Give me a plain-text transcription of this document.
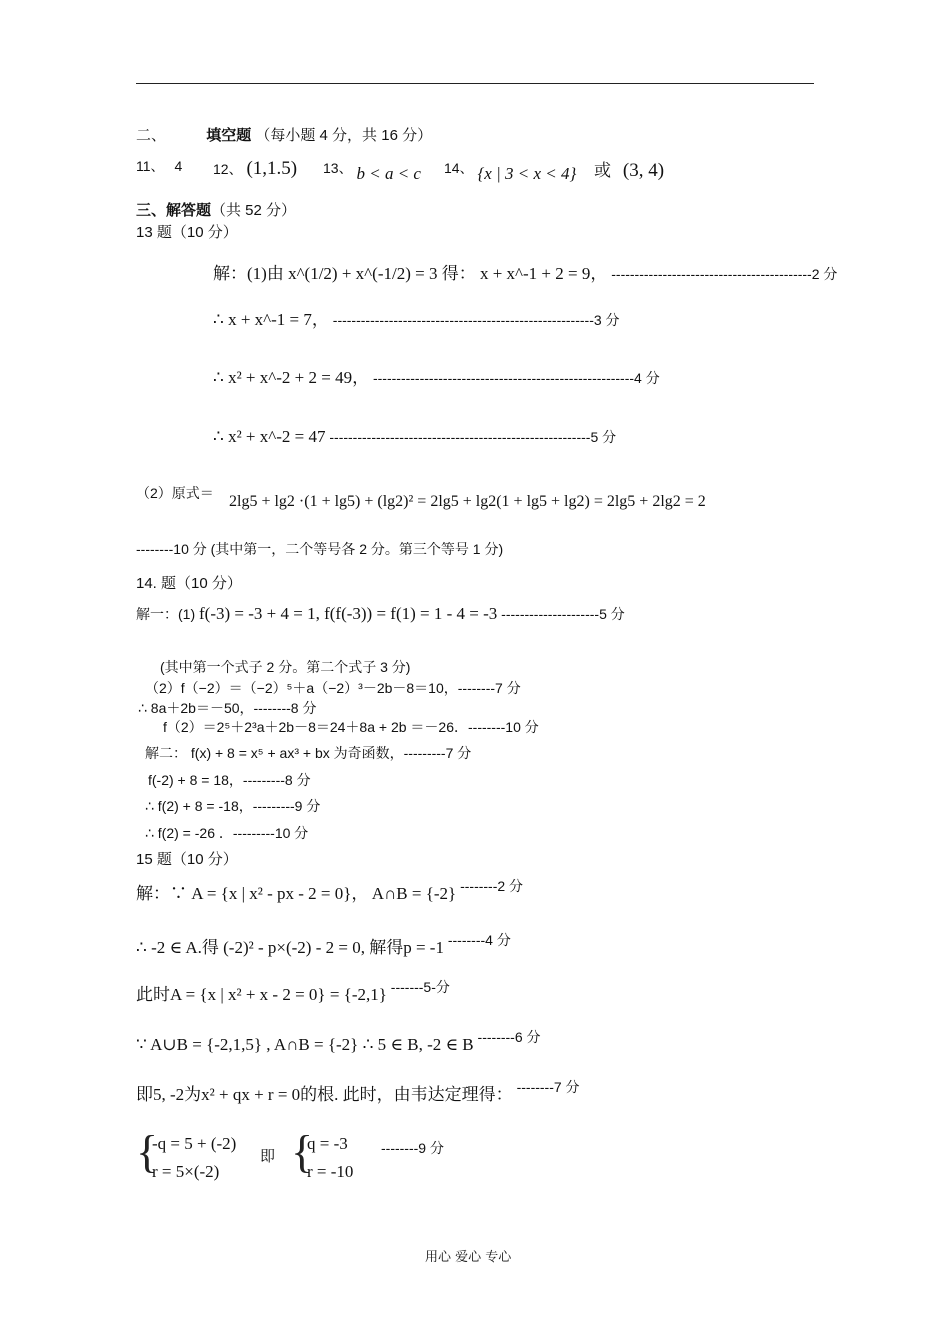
二、	填空题 （每小题 4 分，共 16 分）
11、 4 12、 (1,1.5) 13、 b < a < c 14、 {x | 3 < x < 4} 或 (3, 4)
三、解答题（共 52 分）
13 题（10 分）
解：(1)由 x^(1/2) + x^(-1/2) = 3 得： x + x^-1 + 2 = 9， -------------------------------------------2 分
∴ x + x^-1 = 7， --------------------------------------------------------3 分
∴ x² + x^-2 + 2 = 49， --------------------------------------------------------4 分
∴ x² + x^-2 = 47 --------------------------------------------------------5 分
（2）原式＝ 2lg5 + lg2 ·(1 + lg5) + (lg2)² = 2lg5 + lg2(1 + lg5 + lg2) = 2lg5 + 2lg2 = 2
--------10 分 (其中第一，二个等号各 2 分。第三个等号 1 分)
14. 题（10 分）
解一：(1) f(-3) = -3 + 4 = 1, f(f(-3)) = f(1) = 1 - 4 = -3 ---------------------5 分
(其中第一个式子 2 分。第二个式子 3 分)
（2）f（−2）＝（−2）⁵＋a（−2）³－2b－8＝10，--------7 分
∴ 8a＋2b＝－50，--------8 分
f（2）＝2⁵＋2³a＋2b－8＝24＋8a + 2b ＝－26．--------10 分
解二： f(x) + 8 = x⁵ + ax³ + bx 为奇函数，---------7 分
f(-2) + 8 = 18，---------8 分
∴ f(2) + 8 = -18，---------9 分
∴ f(2) = -26 ．---------10 分
15 题（10 分）
解：∵ A = {x | x² - px - 2 = 0}， A∩B = {-2} --------2 分
∴ -2 ∈ A.得 (-2)² - p×(-2) - 2 = 0, 解得p = -1 --------4 分
此时A = {x | x² + x - 2 = 0} = {-2,1} -------5-分
∵ A∪B = {-2,1,5} , A∩B = {-2} ∴ 5 ∈ B, -2 ∈ B --------6 分
即5, -2为x² + qx + r = 0的根. 此时，由韦达定理得： --------7 分
{
-q = 5 + (-2)
r = 5×(-2)
即 {
q = -3
r = -10
--------9 分
用心 爱心 专心
